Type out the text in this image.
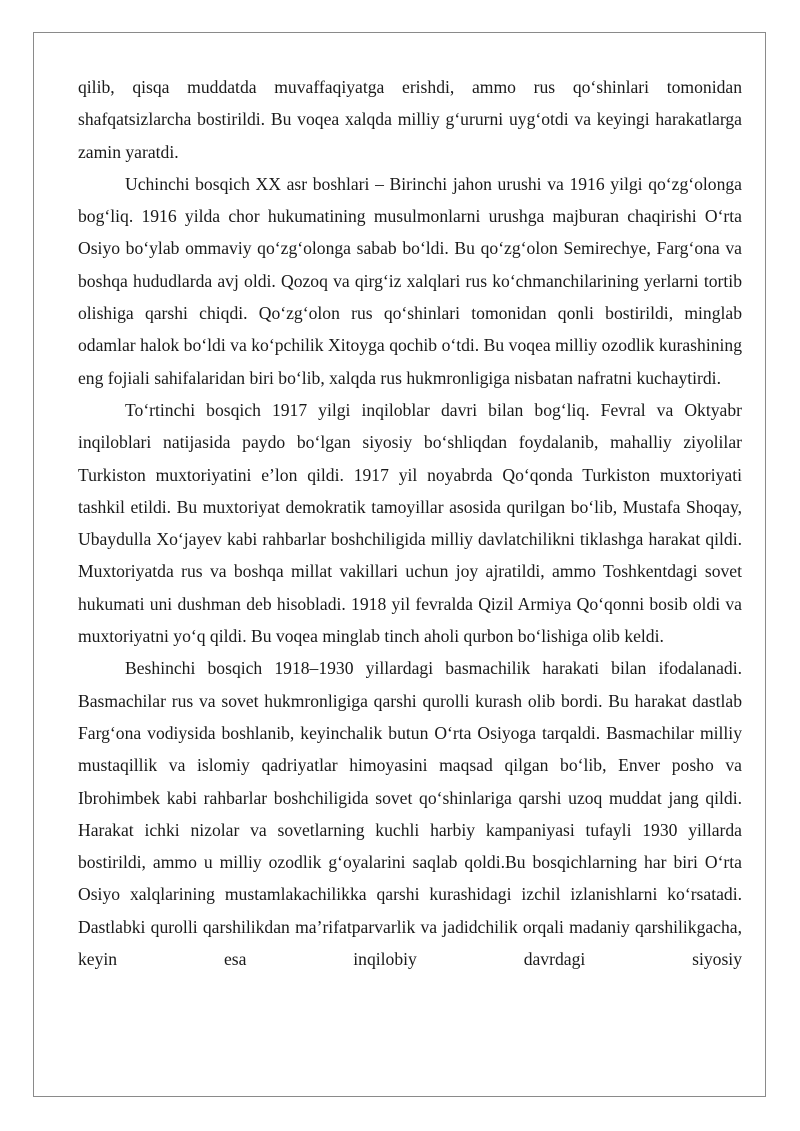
qilib, qisqa muddatda muvaffaqiyatga erishdi, ammo rus qo‘shinlari tomonidan shafqatsizlarcha bostirildi. Bu voqea xalqda milliy g‘ururni uyg‘otdi va keyingi harakatlarga zamin yaratdi.

Uchinchi bosqich XX asr boshlari – Birinchi jahon urushi va 1916 yilgi qo‘zg‘olonga bog‘liq. 1916 yilda chor hukumatining musulmonlarni urushga majburan chaqirishi O‘rta Osiyo bo‘ylab ommaviy qo‘zg‘olonga sabab bo‘ldi. Bu qo‘zg‘olon Semirechye, Farg‘ona va boshqa hududlarda avj oldi. Qozoq va qirg‘iz xalqlari rus ko‘chmanchilarining yerlarni tortib olishiga qarshi chiqdi. Qo‘zg‘olon rus qo‘shinlari tomonidan qonli bostirildi, minglab odamlar halok bo‘ldi va ko‘pchilik Xitoyga qochib o‘tdi. Bu voqea milliy ozodlik kurashining eng fojiali sahifalaridan biri bo‘lib, xalqda rus hukmronligiga nisbatan nafratni kuchaytirdi.

To‘rtinchi bosqich 1917 yilgi inqiloblar davri bilan bog‘liq. Fevral va Oktyabr inqiloblari natijasida paydo bo‘lgan siyosiy bo‘shliqdan foydalanib, mahalliy ziyolilar Turkiston muxtoriyatini e’lon qildi. 1917 yil noyabrda Qo‘qonda Turkiston muxtoriyati tashkil etildi. Bu muxtoriyat demokratik tamoyillar asosida qurilgan bo‘lib, Mustafa Shoqay, Ubaydulla Xo‘jayev kabi rahbarlar boshchiligida milliy davlatchilikni tiklashga harakat qildi. Muxtoriyatda rus va boshqa millat vakillari uchun joy ajratildi, ammo Toshkentdagi sovet hukumati uni dushman deb hisobladi. 1918 yil fevralda Qizil Armiya Qo‘qonni bosib oldi va muxtoriyatni yo‘q qildi. Bu voqea minglab tinch aholi qurbon bo‘lishiga olib keldi.

Beshinchi bosqich 1918–1930 yillardagi basmachilik harakati bilan ifodalanadi. Basmachilar rus va sovet hukmronligiga qarshi qurolli kurash olib bordi. Bu harakat dastlab Farg‘ona vodiysida boshlanib, keyinchalik butun O‘rta Osiyoga tarqaldi. Basmachilar milliy mustaqillik va islomiy qadriyatlar himoyasini maqsad qilgan bo‘lib, Enver posho va Ibrohimbek kabi rahbarlar boshchiligida sovet qo‘shinlariga qarshi uzoq muddat jang qildi. Harakat ichki nizolar va sovetlarning kuchli harbiy kampaniyasi tufayli 1930 yillarda bostirildi, ammo u milliy ozodlik g‘oyalarini saqlab qoldi.Bu bosqichlarning har biri O‘rta Osiyo xalqlarining mustamlakachilikka qarshi kurashidagi izchil izlanishlarni ko‘rsatadi. Dastlabki qurolli qarshilikdan ma’rifatparvarlik va jadidchilik orqali madaniy qarshilikgacha, keyin esa inqilobiy davrdagi siyosiy
